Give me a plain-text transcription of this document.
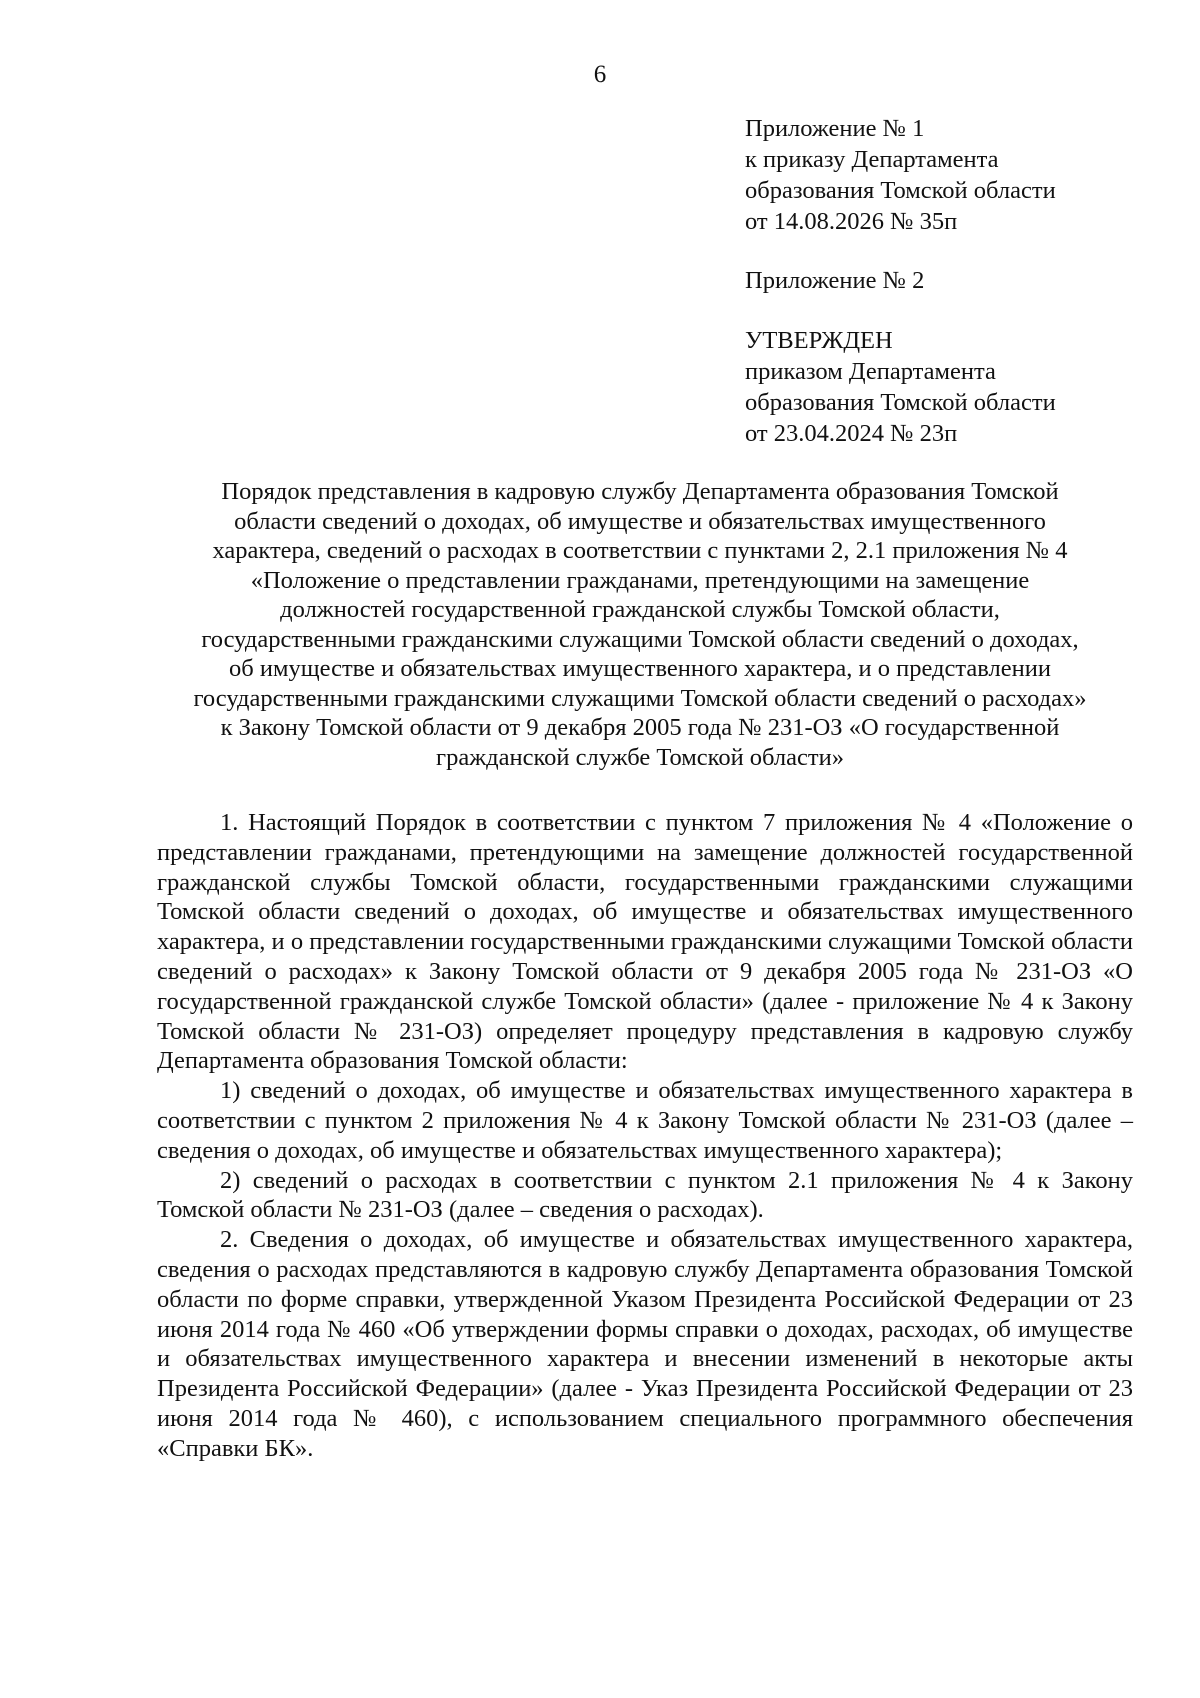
6
Приложение № 1
к приказу Департамента
образования Томской области
от 14.08.2026 № 35п
Приложение № 2
УТВЕРЖДЕН
приказом Департамента
образования Томской области
от 23.04.2024 № 23п
Порядок представления в кадровую службу Департамента образования Томской
области сведений о доходах, об имуществе и обязательствах имущественного
характера, сведений о расходах в соответствии с пунктами 2, 2.1 приложения № 4
«Положение о представлении гражданами, претендующими на замещение
должностей государственной гражданской службы Томской области,
государственными гражданскими служащими Томской области сведений о доходах,
об имуществе и обязательствах имущественного характера, и о представлении
государственными гражданскими служащими Томской области сведений о расходах»
к Закону Томской области от 9 декабря 2005 года № 231-ОЗ «О государственной
гражданской службе Томской области»

1. Настоящий Порядок в соответствии с пунктом 7 приложения № 4 «Положение о представлении гражданами, претендующими на замещение должностей государственной гражданской службы Томской области, государственными гражданскими служащими Томской области сведений о доходах, об имуществе и обязательствах имущественного характера, и о представлении государственными гражданскими служащими Томской области сведений о расходах» к Закону Томской области от 9 декабря 2005 года № 231-ОЗ «О государственной гражданской службе Томской области» (далее - приложение № 4 к Закону Томской области № 231-ОЗ) определяет процедуру представления в кадровую службу Департамента образования Томской области:

1) сведений о доходах, об имуществе и обязательствах имущественного характера в соответствии с пунктом 2 приложения № 4 к Закону Томской области № 231-ОЗ (далее – сведения о доходах, об имуществе и обязательствах имущественного характера);

2) сведений о расходах в соответствии с пунктом 2.1 приложения № 4 к Закону Томской области № 231-ОЗ (далее – сведения о расходах).

2. Сведения о доходах, об имуществе и обязательствах имущественного характера, сведения о расходах представляются в кадровую службу Департамента образования Томской области по форме справки, утвержденной Указом Президента Российской Федерации от 23 июня 2014 года № 460 «Об утверждении формы справки о доходах, расходах, об имуществе и обязательствах имущественного характера и внесении изменений в некоторые акты Президента Российской Федерации» (далее - Указ Президента Российской Федерации от 23 июня 2014 года № 460), с использованием специального программного обеспечения «Справки БК».
